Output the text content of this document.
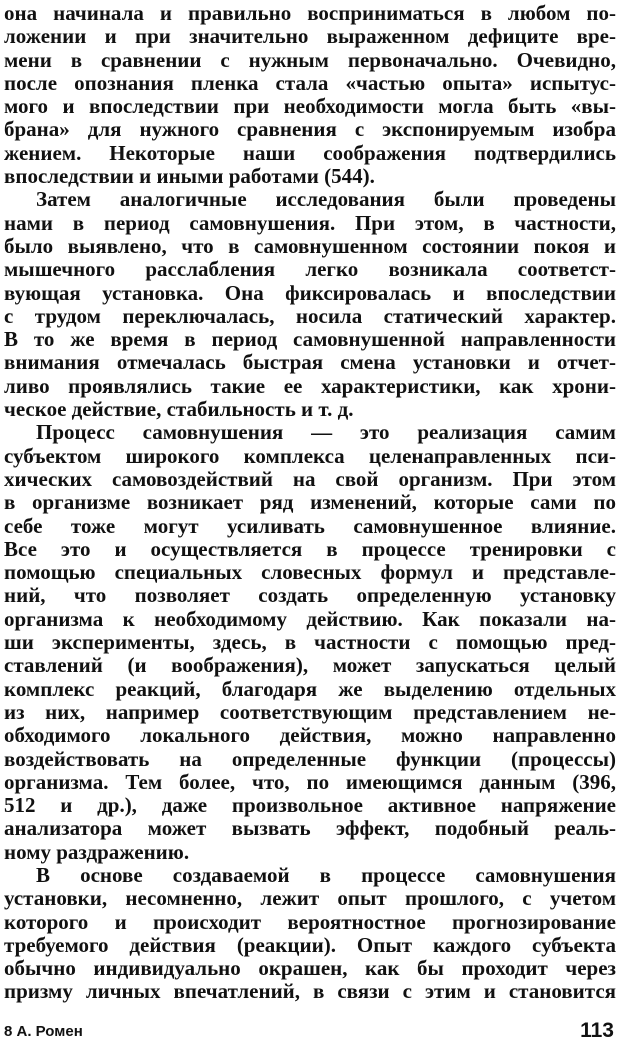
она начинала и правильно восприниматься в любом по-
ложении и при значительно выраженном дефиците вре-
мени в сравнении с нужным первоначально. Очевидно,
после опознания пленка стала «частью опыта» испытус-
мого и впоследствии при необходимости могла быть «вы-
брана» для нужного сравнения с экспонируемым изобра
жением. Некоторые наши соображения подтвердились
впоследствии и иными работами (544).
Затем аналогичные исследования были проведены
нами в период самовнушения. При этом, в частности,
было выявлено, что в самовнушенном состоянии покоя и
мышечного расслабления легко возникала соответст-
вующая установка. Она фиксировалась и впоследствии
с трудом переключалась, носила статический характер.
В то же время в период самовнушенной направленности
внимания отмечалась быстрая смена установки и отчет-
ливо проявлялись такие ее характеристики, как хрони-
ческое действие, стабильность и т. д.
Процесс самовнушения — это реализация самим
субъектом широкого комплекса целенаправленных пси-
хических самовоздействий на свой организм. При этом
в организме возникает ряд изменений, которые сами по
себе тоже могут усиливать самовнушенное влияние.
Все это и осуществляется в процессе тренировки с
помощью специальных словесных формул и представле-
ний, что позволяет создать определенную установку
организма к необходимому действию. Как показали на-
ши эксперименты, здесь, в частности с помощью пред-
ставлений (и воображения), может запускаться целый
комплекс реакций, благодаря же выделению отдельных
из них, например соответствующим представлением не-
обходимого локального действия, можно направленно
воздействовать на определенные функции (процессы)
организма. Тем более, что, по имеющимся данным (396,
512 и др.), даже произвольное активное напряжение
анализатора может вызвать эффект, подобный реаль-
ному раздражению.
В основе создаваемой в процессе самовнушения
установки, несомненно, лежит опыт прошлого, с учетом
которого и происходит вероятностное прогнозирование
требуемого действия (реакции). Опыт каждого субъекта
обычно индивидуально окрашен, как бы проходит через
призму личных впечатлений, в связи с этим и становится
8 А. Ромен	113
